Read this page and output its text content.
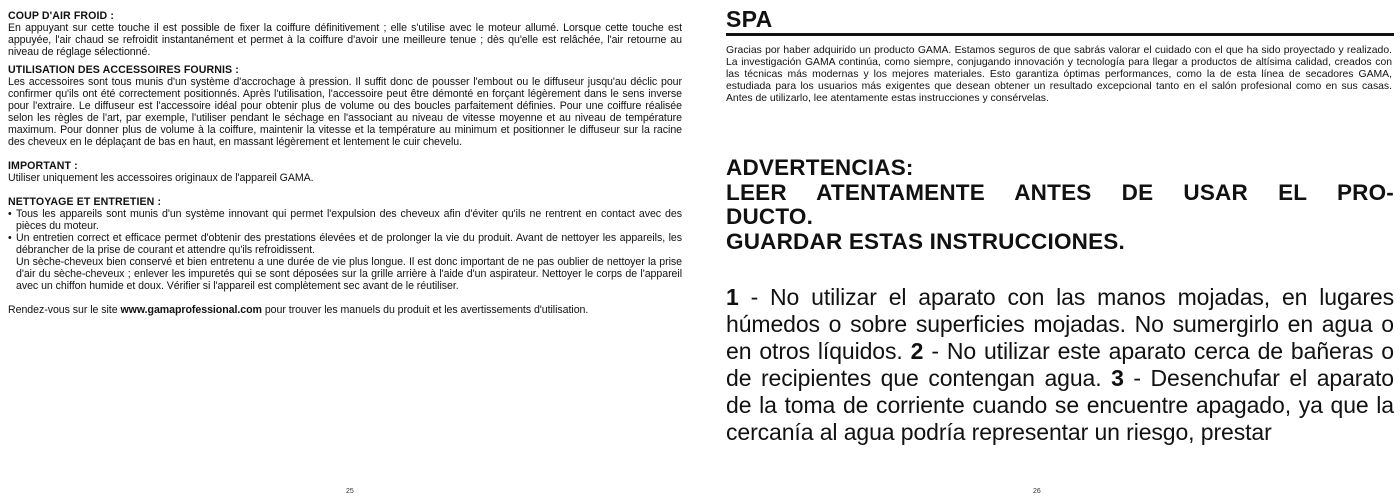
COUP D'AIR FROID :

En appuyant sur cette touche il est possible de fixer la coiffure définitivement ; elle s'utilise avec le moteur allumé. Lorsque cette touche est appuyée, l'air chaud se refroidit instantanément et permet à la coiffure d'avoir une meilleure tenue ; dès qu'elle est relâchée, l'air retourne au niveau de réglage sélectionné.

UTILISATION DES ACCESSOIRES FOURNIS :

Les accessoires sont tous munis d'un système d'accrochage à pression. Il suffit donc de pousser l'embout ou le diffuseur jusqu'au déclic pour confirmer qu'ils ont été correctement positionnés. Après l'utilisation, l'accessoire peut être démonté en forçant légèrement dans le sens inverse pour l'extraire. Le diffuseur est l'accessoire idéal pour obtenir plus de volume ou des boucles parfaitement définies. Pour une coiffure réalisée selon les règles de l'art, par exemple, l'utiliser pendant le séchage en l'associant au niveau de vitesse moyenne et au niveau de température maximum. Pour donner plus de volume à la coiffure, maintenir la vitesse et la température au minimum et positionner le diffuseur sur la racine des cheveux en le déplaçant de bas en haut, en massant légèrement et lentement le cuir chevelu.

IMPORTANT :

Utiliser uniquement les accessoires originaux de l'appareil GAMA.

NETTOYAGE ET ENTRETIEN :
• Tous les appareils sont munis d'un système innovant qui permet l'expulsion des cheveux afin d'éviter qu'ils ne rentrent en contact avec des pièces du moteur.

• Un entretien correct et efficace permet d'obtenir des prestations élevées et de prolonger la vie du produit. Avant de nettoyer les appareils, les débrancher de la prise de courant et attendre qu'ils refroidissent.

Un sèche-cheveux bien conservé et bien entretenu a une durée de vie plus longue. Il est donc important de ne pas oublier de nettoyer la prise d'air du sèche-cheveux ; enlever les impuretés qui se sont déposées sur la grille arrière à l'aide d'un aspirateur. Nettoyer le corps de l'appareil avec un chiffon humide et doux. Vérifier si l'appareil est complètement sec avant de le réutiliser.

Rendez-vous sur le site www.gamaprofessional.com pour trouver les manuels du produit et les avertissements d'utilisation.

25
SPA

Gracias por haber adquirido un producto GAMA. Estamos seguros de que sabrás valorar el cuidado con el que ha sido proyectado y realizado. La investigación GAMA continúa, como siempre, conjugando innovación y tecnología para llegar a productos de altísima calidad, creados con las técnicas más modernas y los mejores materiales. Esto garantiza óptimas performances, como la de esta línea de secadores GAMA, estudiada para los usuarios más exigentes que desean obtener un resultado excepcional tanto en el salón profesional como en sus casas. Antes de utilizarlo, lee atentamente estas instrucciones y consérvelas.

ADVERTENCIAS:
LEER ATENTAMENTE ANTES DE USAR EL PRO-
DUCTO.
GUARDAR ESTAS INSTRUCCIONES.

1 - No utilizar el aparato con las manos mojadas, en lugares húmedos o sobre superficies mojadas. No sumergirlo en agua o en otros líquidos. 2 - No utilizar este aparato cerca de bañeras o de recipientes que contengan agua. 3 - Desenchufar el aparato de la toma de corriente cuando se encuentre apagado, ya que la cercanía al agua podría representar un riesgo, prestar

26
